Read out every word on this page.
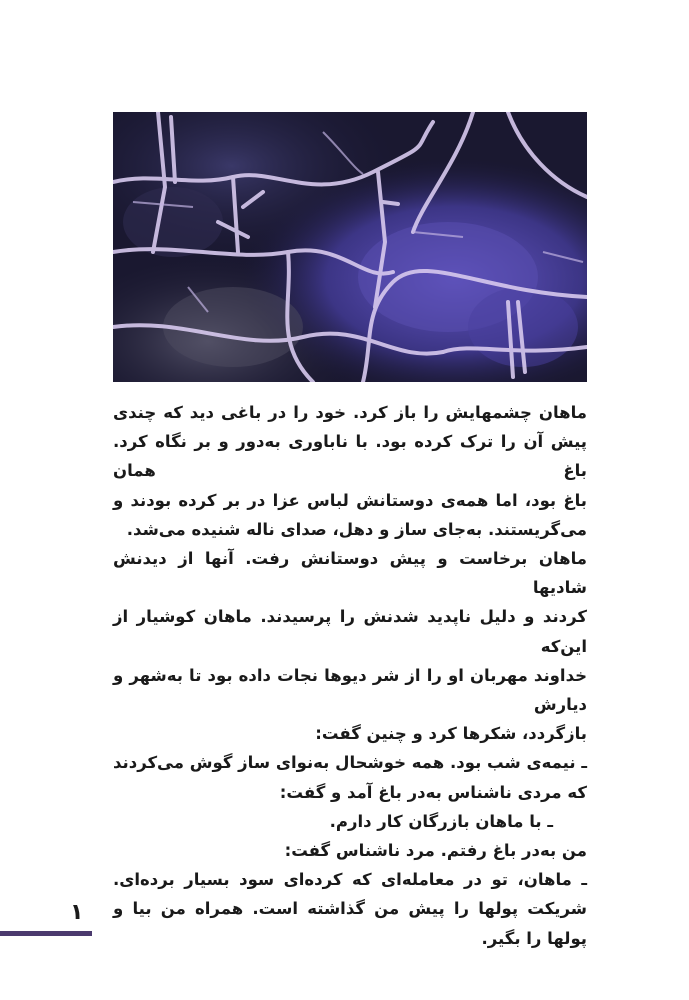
ماهان چشمهایش را باز کرد. خود را در باغی دید که چندی

پیش آن را ترک کرده بود. با ناباوری به‌دور و بر نگاه کرد. باغ همان

باغ بود، اما همه‌ی دوستانش لباس عزا در بر کرده بودند و

می‌گریستند. به‌جای ساز و دهل، صدای ناله شنیده می‌شد.

ماهان برخاست و پیش دوستانش رفت. آنها از دیدنش شادیها

کردند و دلیل ناپدید شدنش را پرسیدند. ماهان کوشیار از این‌که

خداوند مهربان او را از شر دیوها نجات داده بود تا به‌شهر و دیارش

بازگردد، شکرها کرد و چنین گفت:

ـ نیمه‌ی شب بود. همه خوشحال به‌نوای ساز گوش می‌کردند

که مردی ناشناس به‌در باغ آمد و گفت:

ـ با ماهان بازرگان کار دارم.

من به‌در باغ رفتم. مرد ناشناس گفت:

ـ ماهان، تو در معامله‌ای که کرده‌ای سود بسیار برده‌ای.

شریکت پولها را پیش من گذاشته است. همراه من بیا و

پولها را بگیر.

۱
